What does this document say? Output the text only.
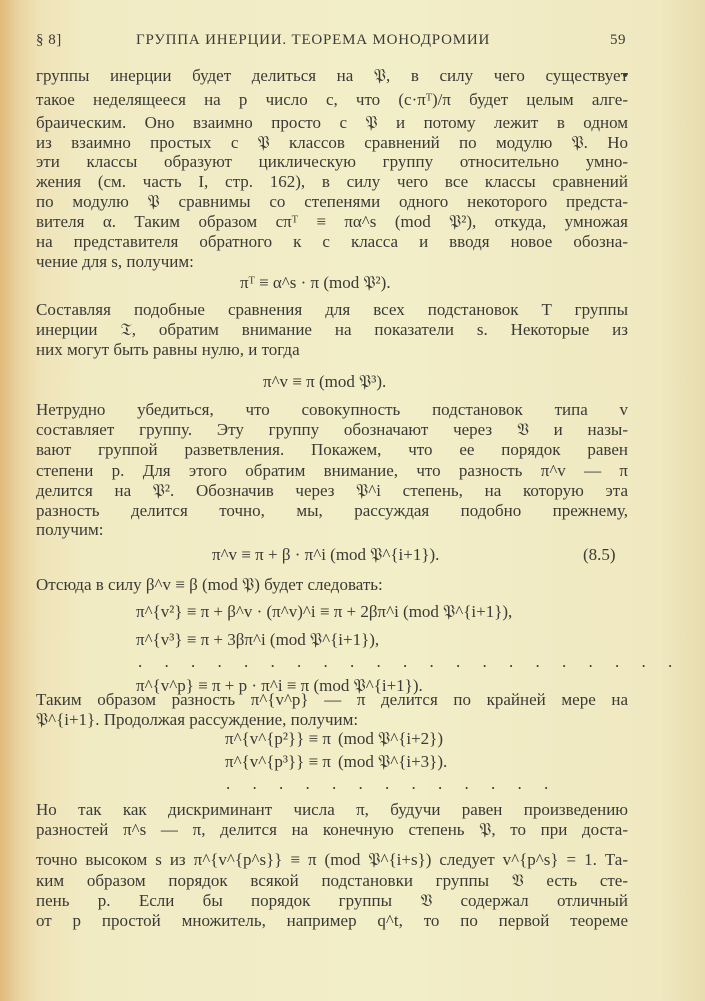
§ 8]	ГРУППА ИНЕРЦИИ. ТЕОРЕМА МОНОДРОМИИ	59
группы инерции будет делиться на 𝔓, в силу чего существует
такое неделящееся на p число c, что (c·πᵀ)/π будет целым алге-
браическим. Оно взаимно просто с 𝔓 и потому лежит в одном
из взаимно простых с 𝔓 классов сравнений по модулю 𝔓. Но
эти классы образуют циклическую группу относительно умно-
жения (см. часть I, стр. 162), в силу чего все классы сравнений
по модулю 𝔓 сравнимы со степенями одного некоторого предста-
вителя α. Таким образом cπᵀ ≡ πα^s (mod 𝔓²), откуда, умножая
на представителя обратного к c класса и вводя новое обозна-
чение для s, получим:
πᵀ ≡ α^s · π (mod 𝔓²).
Составляя подобные сравнения для всех подстановок T группы
инерции 𝔗, обратим внимание на показатели s. Некоторые из
них могут быть равны нулю, и тогда
π^v ≡ π (mod 𝔓³).
Нетрудно убедиться, что совокупность подстановок типа v
составляет группу. Эту группу обозначают через 𝔙 и назы-
вают группой разветвления. Покажем, что ее порядок равен
степени p. Для этого обратим внимание, что разность π^v — π
делится на 𝔓². Обозначив через 𝔓^i степень, на которую эта
разность делится точно, мы, рассуждая подобно прежнему,
получим:
π^v ≡ π + β · π^i (mod 𝔓^{i+1}).	(8.5)
Отсюда в силу β^v ≡ β (mod 𝔓) будет следовать:
π^{v²} ≡ π + β^v · (π^v)^i ≡ π + 2βπ^i (mod 𝔓^{i+1}),
π^{v³} ≡ π + 3βπ^i (mod 𝔓^{i+1}),
. . . . . . . . . . . . . . . . . . . . .
π^{v^p} ≡ π + p · π^i ≡ π (mod 𝔓^{i+1}).
Таким образом разность π^{v^p} — π делится по крайней мере на
𝔓^{i+1}. Продолжая рассуждение, получим:
π^{v^{p²}} ≡ π (mod 𝔓^{i+2})
π^{v^{p³}} ≡ π (mod 𝔓^{i+3}).
. . . . . . . . . . . . .
Но так как дискриминант числа π, будучи равен произведению
разностей π^s — π, делится на конечную степень 𝔓, то при доста-
точно высоком s из π^{v^{p^s}} ≡ π (mod 𝔓^{i+s}) следует v^{p^s} = 1. Та-
ким образом порядок всякой подстановки группы 𝔙 есть сте-
пень p. Если бы порядок группы 𝔙 содержал отличный
от p простой множитель, например q^t, то по первой теореме
